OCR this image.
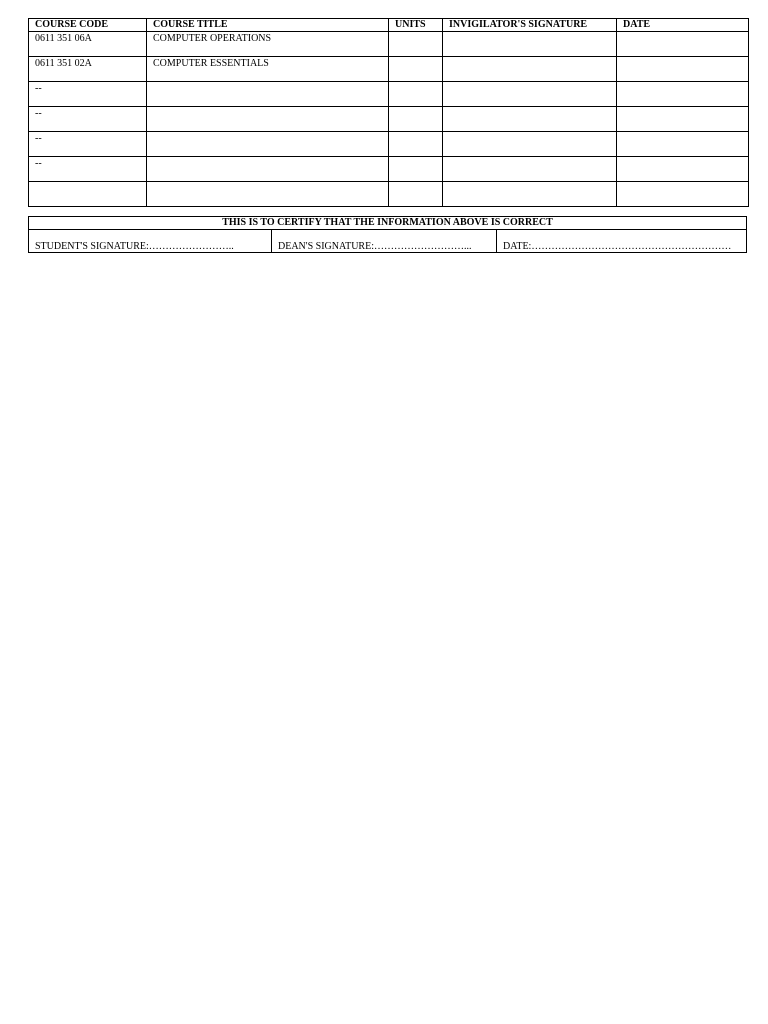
COURSE CODE	COURSE TITLE	UNITS	INVIGILATOR'S SIGNATURE	DATE
0611 351 06A	COMPUTER OPERATIONS			
0611 351 02A	COMPUTER ESSENTIALS			
--				
--				
--				
--				

THIS IS TO CERTIFY THAT THE INFORMATION ABOVE IS CORRECT
STUDENT'S SIGNATURE:……………………..	DEAN'S SIGNATURE:………………………...	DATE:……………………………………………………
